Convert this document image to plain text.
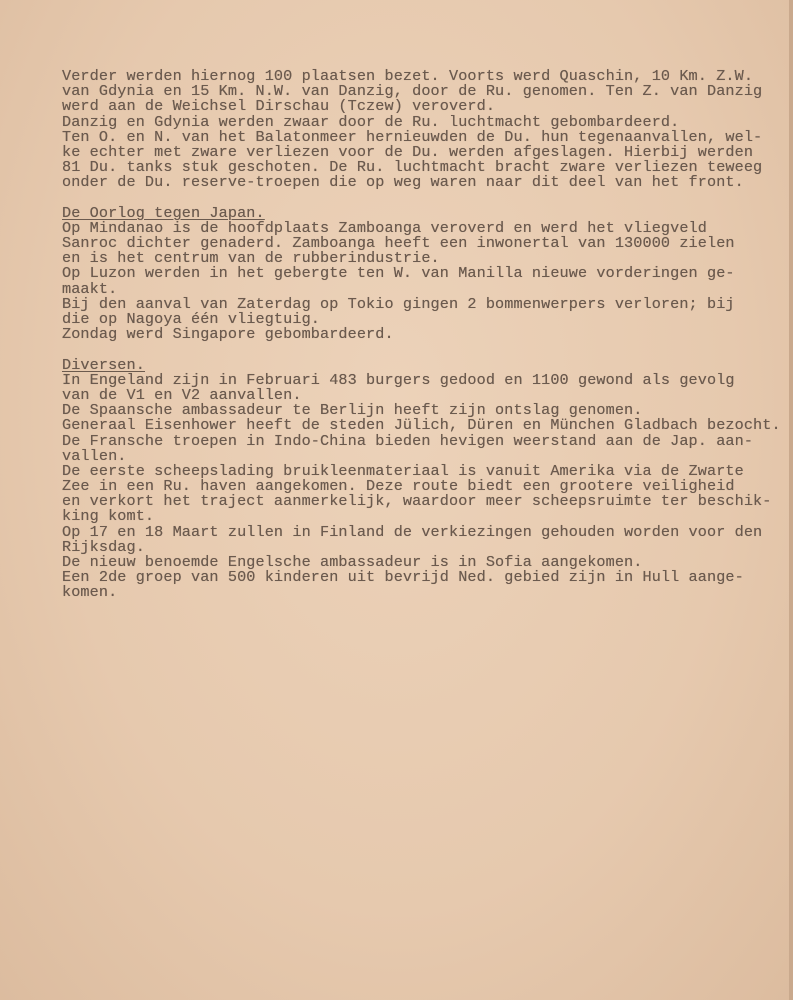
Verder werden hiernog 100 plaatsen bezet. Voorts werd Quaschin, 10 Km. Z.W.
van Gdynia en 15 Km. N.W. van Danzig, door de Ru. genomen. Ten Z. van Danzig
werd aan de Weichsel Dirschau (Tczew) veroverd.
Danzig en Gdynia werden zwaar door de Ru. luchtmacht gebombardeerd.
Ten O. en N. van het Balatonmeer hernieuwden de Du. hun tegenaanvallen, wel-
ke echter met zware verliezen voor de Du. werden afgeslagen. Hierbij werden
81 Du. tanks stuk geschoten. De Ru. luchtmacht bracht zware verliezen teweeg
onder de Du. reserve-troepen die op weg waren naar dit deel van het front.
De Oorlog tegen Japan.
Op Mindanao is de hoofdplaats Zamboanga veroverd en werd het vliegveld
Sanroc dichter genaderd. Zamboanga heeft een inwonertal van 130000 zielen
en is het centrum van de rubberindustrie.
Op Luzon werden in het gebergte ten W. van Manilla nieuwe vorderingen ge-
maakt.
Bij den aanval van Zaterdag op Tokio gingen 2 bommenwerpers verloren; bij
die op Nagoya één vliegtuig.
Zondag werd Singapore gebombardeerd.
Diversen.
In Engeland zijn in Februari 483 burgers gedood en 1100 gewond als gevolg
van de V1 en V2 aanvallen.
De Spaansche ambassadeur te Berlijn heeft zijn ontslag genomen.
Generaal Eisenhower heeft de steden Jülich, Düren en München Gladbach bezocht.
De Fransche troepen in Indo-China bieden hevigen weerstand aan de Jap. aan-
vallen.
De eerste scheepslading bruikleenmateriaal is vanuit Amerika via de Zwarte
Zee in een Ru. haven aangekomen. Deze route biedt een grootere veiligheid
en verkort het traject aanmerkelijk, waardoor meer scheepsruimte ter beschik-
king komt.
Op 17 en 18 Maart zullen in Finland de verkiezingen gehouden worden voor den
Rijksdag.
De nieuw benoemde Engelsche ambassadeur is in Sofia aangekomen.
Een 2de groep van 500 kinderen uit bevrijd Ned. gebied zijn in Hull aange-
komen.
